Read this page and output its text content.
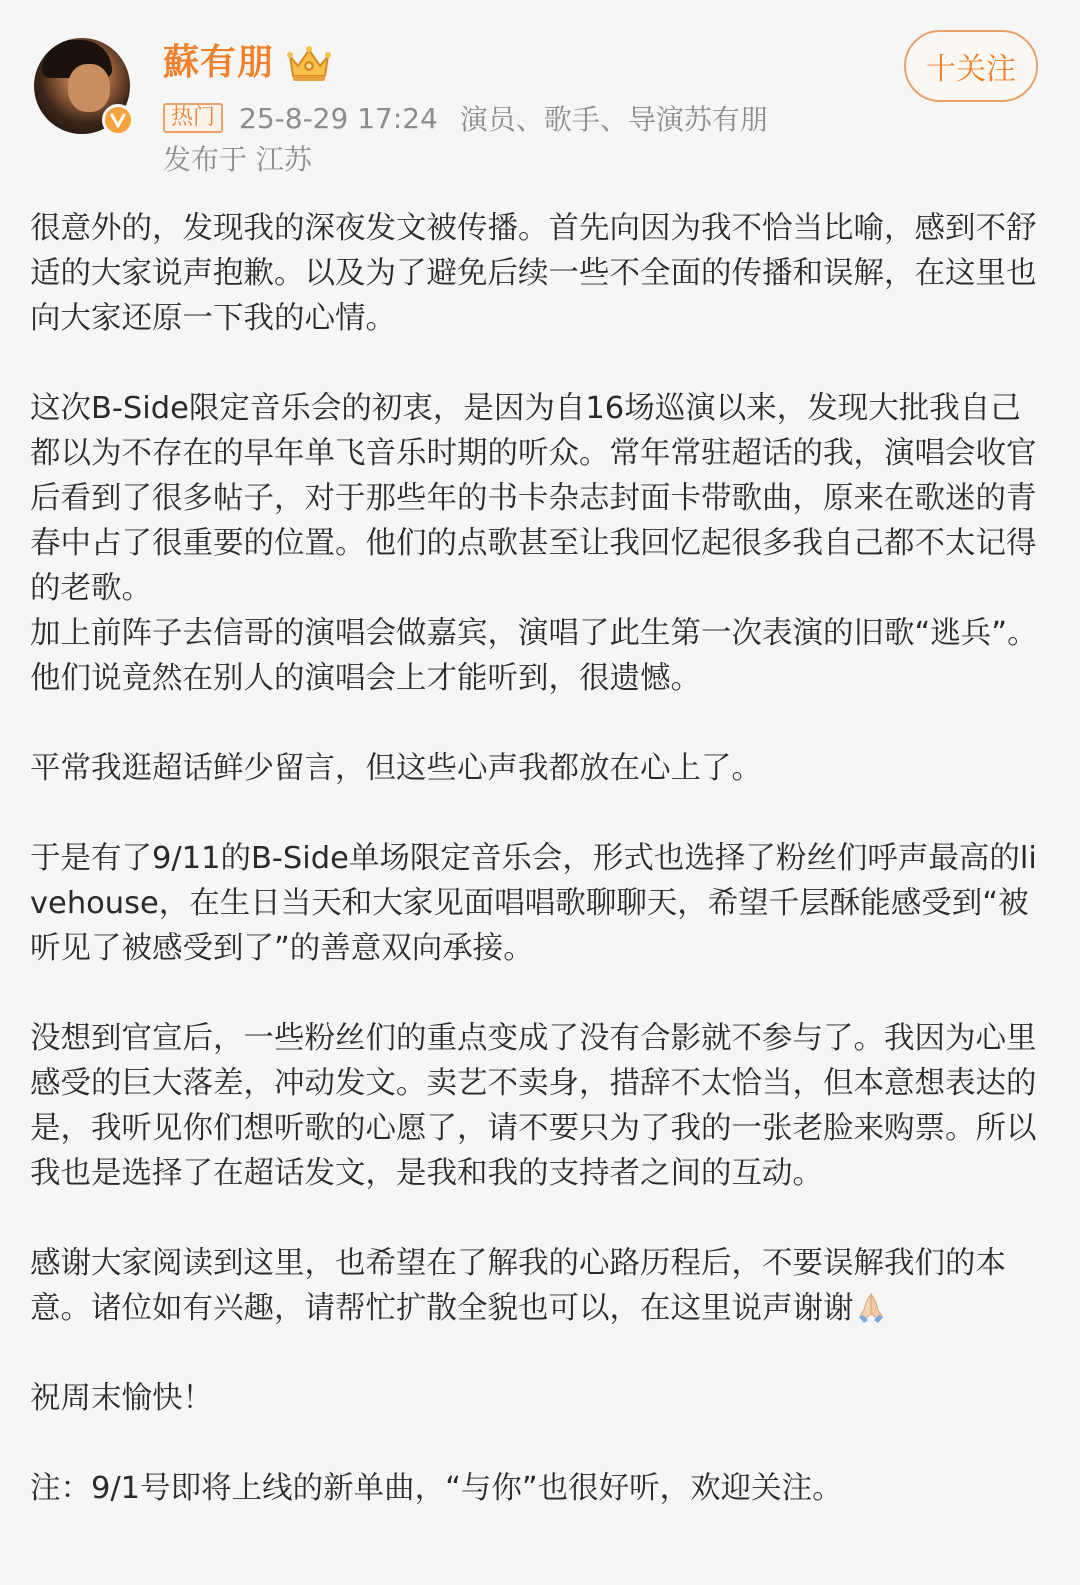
蘇有朋
热门 25-8-29 17:24 演员、歌手、导演苏有朋
发布于 江苏
十关注

很意外的，发现我的深夜发文被传播。首先向因为我不恰当比喻，感到不舒适的大家说声抱歉。以及为了避免后续一些不全面的传播和误解，在这里也向大家还原一下我的心情。

这次B-Side限定音乐会的初衷，是因为自16场巡演以来，发现大批我自己都以为不存在的早年单飞音乐时期的听众。常年常驻超话的我，演唱会收官后看到了很多帖子，对于那些年的书卡杂志封面卡带歌曲，原来在歌迷的青春中占了很重要的位置。他们的点歌甚至让我回忆起很多我自己都不太记得的老歌。

加上前阵子去信哥的演唱会做嘉宾，演唱了此生第一次表演的旧歌“逃兵”。他们说竟然在别人的演唱会上才能听到，很遗憾。

平常我逛超话鲜少留言，但这些心声我都放在心上了。

于是有了9/11的B-Side单场限定音乐会，形式也选择了粉丝们呼声最高的livehouse，在生日当天和大家见面唱唱歌聊聊天，希望千层酥能感受到“被听见了被感受到了”的善意双向承接。

没想到官宣后，一些粉丝们的重点变成了没有合影就不参与了。我因为心里感受的巨大落差，冲动发文。卖艺不卖身，措辞不太恰当，但本意想表达的是，我听见你们想听歌的心愿了，请不要只为了我的一张老脸来购票。所以我也是选择了在超话发文，是我和我的支持者之间的互动。

感谢大家阅读到这里，也希望在了解我的心路历程后，不要误解我们的本意。诸位如有兴趣，请帮忙扩散全貌也可以，在这里说声谢谢

祝周末愉快！

注：9/1号即将上线的新单曲，“与你”也很好听，欢迎关注。
